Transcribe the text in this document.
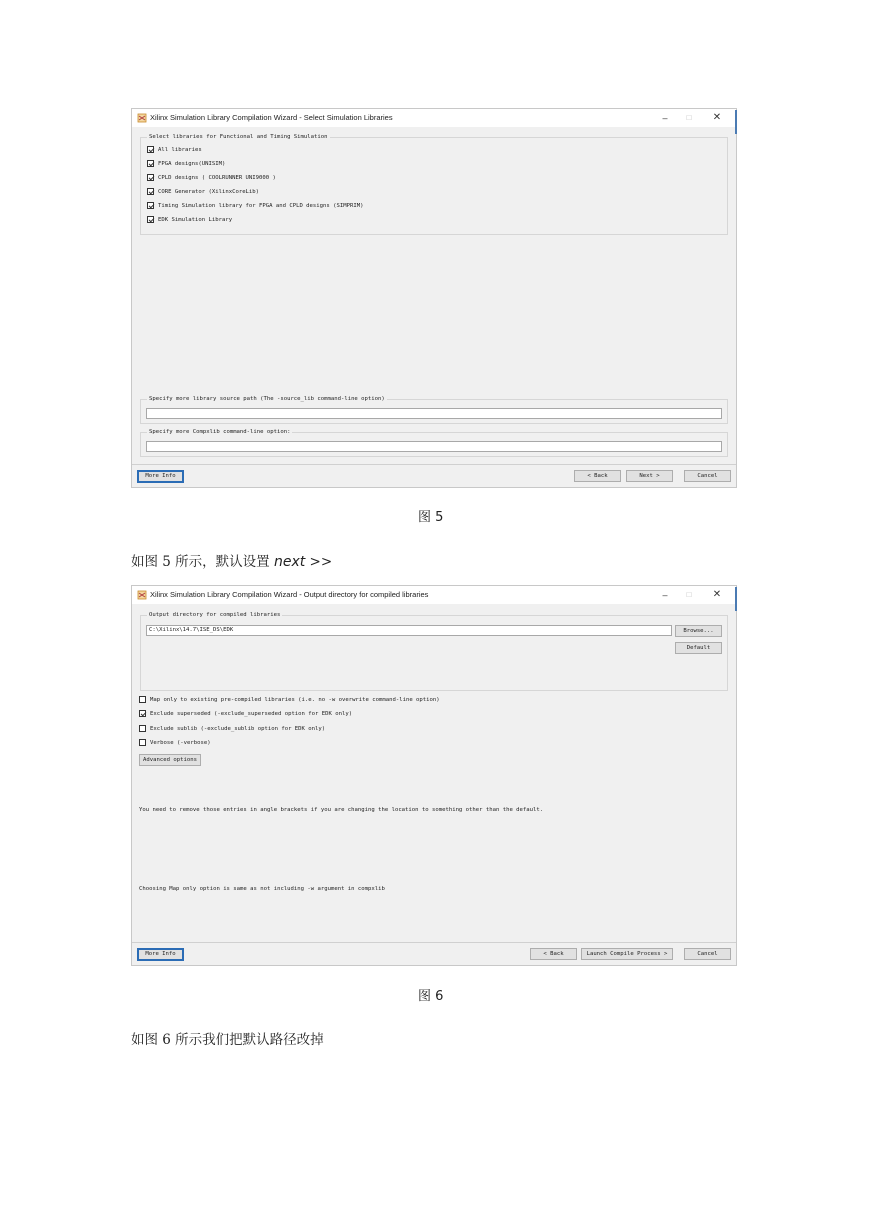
Xilinx Simulation Library Compilation Wizard - Select Simulation Libraries	–	□	✕
Select libraries for Functional and Timing Simulation
All libraries
FPGA designs(UNISIM)
CPLD designs ( COOLRUNNER UNI9000 )
CORE Generator (XilinxCoreLib)
Timing Simulation library for FPGA and CPLD designs (SIMPRIM)
EDK Simulation Library
Specify more library source path (The -source_lib command-line option)
Specify more Compxlib command-line option:
More Info	< Back	Next >	Cancel
图 5
如图 5 所示，默认设置 next >>
Xilinx Simulation Library Compilation Wizard - Output directory for compiled libraries	–	□	✕
Output directory for compiled libraries
C:\Xilinx\14.7\ISE_DS\EDK	Browse...
Default
Map only to existing pre-compiled libraries (i.e. no -w overwrite command-line option)
Exclude superseded (-exclude_superseded option for EDK only)
Exclude sublib (-exclude_sublib option for EDK only)
Verbose (-verbose)
Advanced options
You need to remove those entries in angle brackets if you are changing the location to something other than the default.
Choosing Map only option is same as not including -w argument in compxlib
More Info	< Back	Launch Compile Process >	Cancel
图 6
如图 6 所示我们把默认路径改掉
